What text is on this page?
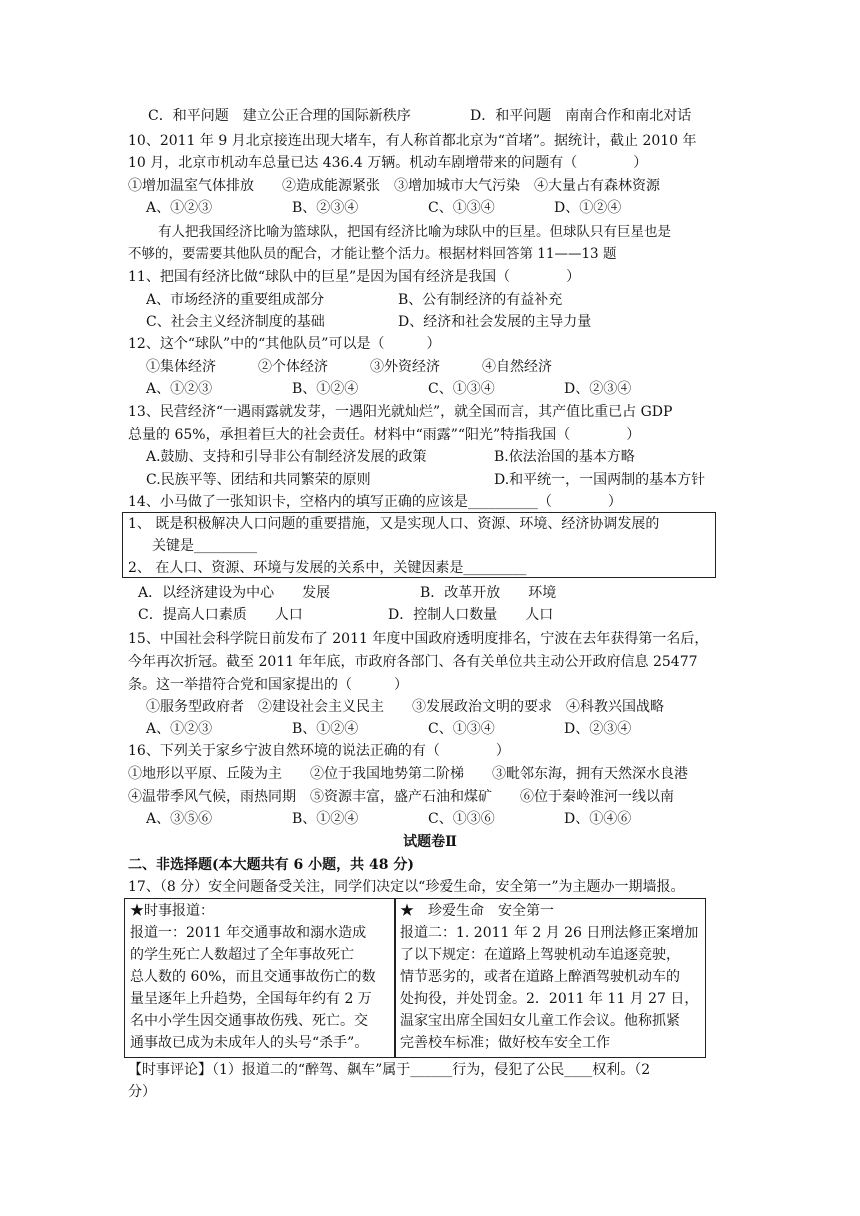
C．和平问题　建立公正合理的国际新秩序	D．和平问题　南南合作和南北对话
10、2011 年 9 月北京接连出现大堵车，有人称首都北京为“首堵”。据统计，截止 2010 年
10 月，北京市机动车总量已达 436.4 万辆。机动车剧增带来的问题有（　　　　）
①增加温室气体排放　　②造成能源紧张　③增加城市大气污染　④大量占有森林资源
A、①②③	B、②③④	C、①③④	D、①②④
有人把我国经济比喻为篮球队，把国有经济比喻为球队中的巨星。但球队只有巨星也是
不够的，要需要其他队员的配合，才能让整个活力。根据材料回答第 11——13 题
11、把国有经济比做“球队中的巨星”是因为国有经济是我国（　　　　）
A、市场经济的重要组成部分	B、公有制经济的有益补充
C、社会主义经济制度的基础	D、经济和社会发展的主导力量
12、这个“球队”中的“其他队员”可以是（　　　）
①集体经济　　　②个体经济　　　③外资经济　　　④自然经济
A、①②③	B、①②④	C、①③④	D、②③④
13、民营经济“一遇雨露就发芽，一遇阳光就灿烂”，就全国而言，其产值比重已占 GDP
总量的 65%，承担着巨大的社会责任。材料中“雨露”“阳光”特指我国（　　　　）
A.鼓励、支持和引导非公有制经济发展的政策	B.依法治国的基本方略
C.民族平等、团结和共同繁荣的原则	D.和平统一，一国两制的基本方针
14、小马做了一张知识卡，空格内的填写正确的应该是__________（　　　　）
1、 既是积极解决人口问题的重要措施，又是实现人口、资源、环境、经济协调发展的
关键是_________
2、 在人口、资源、环境与发展的关系中，关键因素是_________
A．以经济建设为中心　　发展	B．改革开放　　环境
C．提高人口素质　　人口	D．控制人口数量　　人口
15、中国社会科学院日前发布了 2011 年度中国政府透明度排名，宁波在去年获得第一名后，
今年再次折冠。截至 2011 年年底，市政府各部门、各有关单位共主动公开政府信息 25477
条。这一举措符合党和国家提出的（　　　）
①服务型政府者　②建设社会主义民主　　③发展政治文明的要求　④科教兴国战略
A、①②③	B、①②④	C、①③④	D、②③④
16、下列关于家乡宁波自然环境的说法正确的有（　　　　）
①地形以平原、丘陵为主　　②位于我国地势第二阶梯　　③毗邻东海，拥有天然深水良港
④温带季风气候，雨热同期　⑤资源丰富，盛产石油和煤矿　　⑥位于秦岭淮河一线以南
A、③⑤⑥	B、①②④	C、①③⑥	D、①④⑥
试题卷Ⅱ
二、非选择题(本大题共有 6 小题，共 48 分)
17、（8 分）安全问题备受关注，同学们决定以“珍爱生命，安全第一”为主题办一期墙报。
★时事报道：
报道一：2011 年交通事故和溺水造成
的学生死亡人数超过了全年事故死亡
总人数的 60%，而且交通事故伤亡的数
量呈逐年上升趋势，全国每年约有 2 万
名中小学生因交通事故伤残、死亡。交
通事故已成为未成年人的头号“杀手”。
★　珍爱生命　安全第一
报道二：1. 2011 年 2 月 26 日刑法修正案增加
了以下规定：在道路上驾驶机动车追逐竞驶，
情节恶劣的，或者在道路上醉酒驾驶机动车的
处拘役，并处罚金。2．2011 年 11 月 27 日，
温家宝出席全国妇女儿童工作会议。他称抓紧
完善校车标准；做好校车安全工作
【时事评论】（1）报道二的“醉驾、飙车”属于______行为，侵犯了公民____权利。（2
分）
